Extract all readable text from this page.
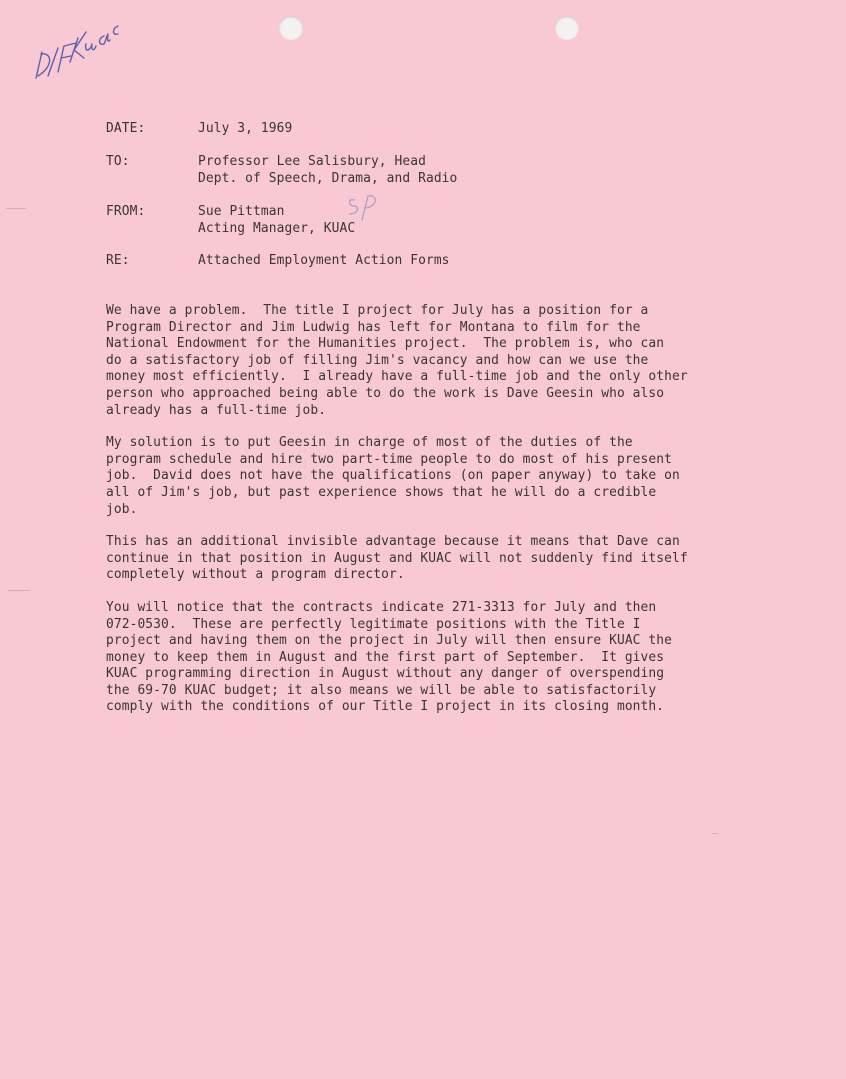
DATE:	July 3, 1969
TO:	Professor Lee Salisbury, Head
Dept. of Speech, Drama, and Radio
FROM:	Sue Pittman
Acting Manager, KUAC
RE:	Attached Employment Action Forms
We have a problem.  The title I project for July has a position for a
Program Director and Jim Ludwig has left for Montana to film for the
National Endowment for the Humanities project.  The problem is, who can
do a satisfactory job of filling Jim's vacancy and how can we use the
money most efficiently.  I already have a full-time job and the only other
person who approached being able to do the work is Dave Geesin who also
already has a full-time job.
My solution is to put Geesin in charge of most of the duties of the
program schedule and hire two part-time people to do most of his present
job.  David does not have the qualifications (on paper anyway) to take on
all of Jim's job, but past experience shows that he will do a credible
job.
This has an additional invisible advantage because it means that Dave can
continue in that position in August and KUAC will not suddenly find itself
completely without a program director.
You will notice that the contracts indicate 271-3313 for July and then
072-0530.  These are perfectly legitimate positions with the Title I
project and having them on the project in July will then ensure KUAC the
money to keep them in August and the first part of September.  It gives
KUAC programming direction in August without any danger of overspending
the 69-70 KUAC budget; it also means we will be able to satisfactorily
comply with the conditions of our Title I project in its closing month.
